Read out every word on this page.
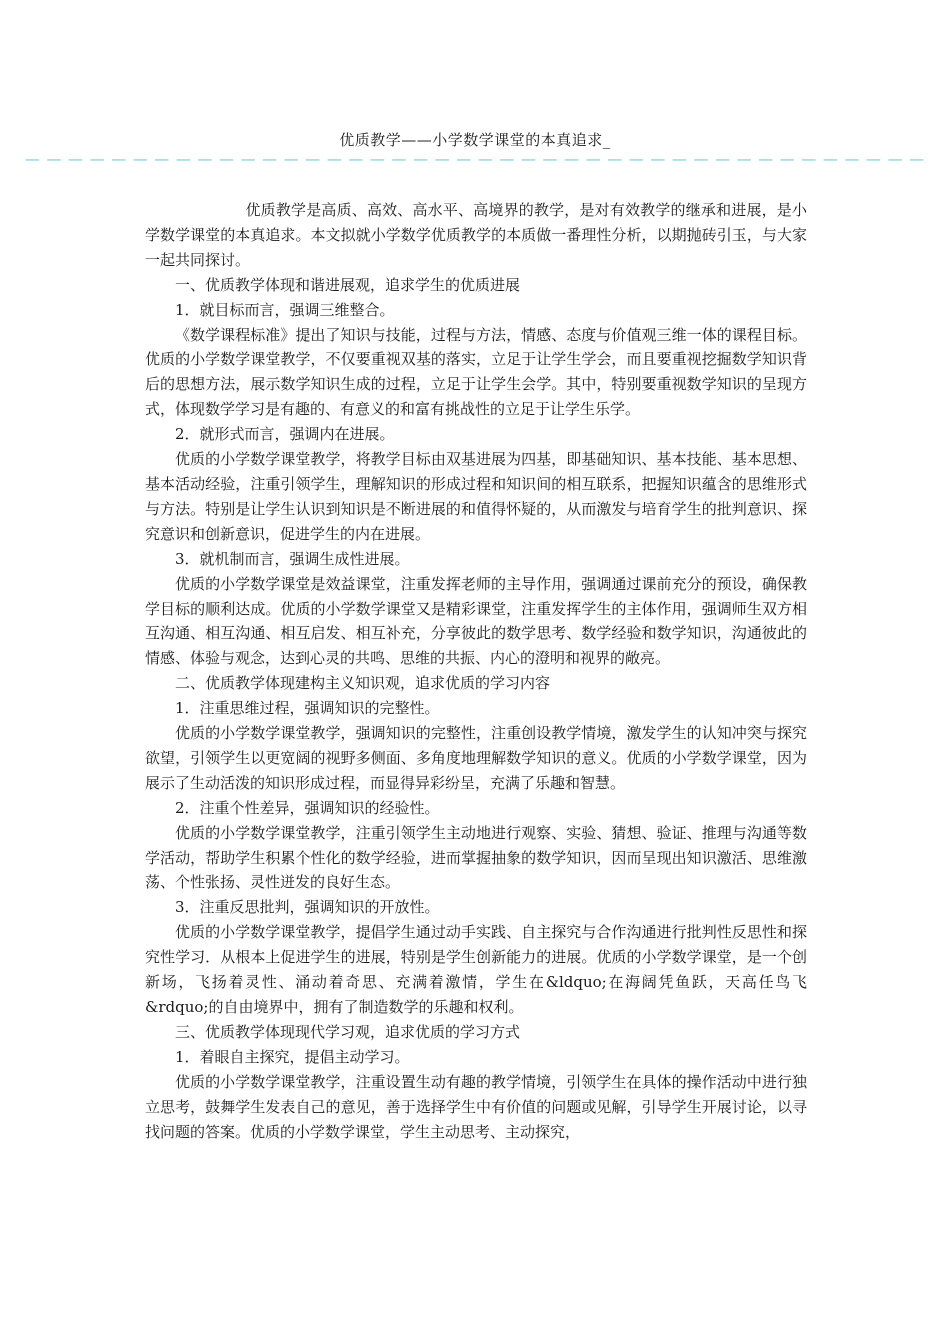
优质教学——小学数学课堂的本真追求_
— — — — — — — — — — — — — — — — — — — — — — — — — — — — — — — — — — — — — — — — — —

优质教学是高质、高效、高水平、高境界的教学，是对有效教学的继承和进展，是小学数学课堂的本真追求。本文拟就小学数学优质教学的本质做一番理性分析，以期抛砖引玉，与大家一起共同探讨。

一、优质教学体现和谐进展观，追求学生的优质进展

1．就目标而言，强调三维整合。

《数学课程标准》提出了知识与技能，过程与方法，情感、态度与价值观三维一体的课程目标。优质的小学数学课堂教学，不仅要重视双基的落实，立足于让学生学会，而且要重视挖掘数学知识背后的思想方法，展示数学知识生成的过程，立足于让学生会学。其中，特别要重视数学知识的呈现方式，体现数学学习是有趣的、有意义的和富有挑战性的立足于让学生乐学。

2．就形式而言，强调内在进展。

优质的小学数学课堂教学，将教学目标由双基进展为四基，即基础知识、基本技能、基本思想、基本活动经验，注重引领学生，理解知识的形成过程和知识间的相互联系，把握知识蕴含的思维形式与方法。特别是让学生认识到知识是不断进展的和值得怀疑的，从而激发与培育学生的批判意识、探究意识和创新意识，促进学生的内在进展。

3．就机制而言，强调生成性进展。

优质的小学数学课堂是效益课堂，注重发挥老师的主导作用，强调通过课前充分的预设，确保教学目标的顺利达成。优质的小学数学课堂又是精彩课堂，注重发挥学生的主体作用，强调师生双方相互沟通、相互沟通、相互启发、相互补充，分享彼此的数学思考、数学经验和数学知识，沟通彼此的情感、体验与观念，达到心灵的共鸣、思维的共振、内心的澄明和视界的敞亮。

二、优质教学体现建构主义知识观，追求优质的学习内容

1．注重思维过程，强调知识的完整性。

优质的小学数学课堂教学，强调知识的完整性，注重创设教学情境，激发学生的认知冲突与探究欲望，引领学生以更宽阔的视野多侧面、多角度地理解数学知识的意义。优质的小学数学课堂，因为展示了生动活泼的知识形成过程，而显得异彩纷呈，充满了乐趣和智慧。

2．注重个性差异，强调知识的经验性。

优质的小学数学课堂教学，注重引领学生主动地进行观察、实验、猜想、验证、推理与沟通等数学活动，帮助学生积累个性化的数学经验，进而掌握抽象的数学知识，因而呈现出知识激活、思维激荡、个性张扬、灵性迸发的良好生态。

3．注重反思批判，强调知识的开放性。

优质的小学数学课堂教学，提倡学生通过动手实践、自主探究与合作沟通进行批判性反思性和探究性学习．从根本上促进学生的进展，特别是学生创新能力的进展。优质的小学数学课堂，是一个创新场，飞扬着灵性、涌动着奇思、充满着激情，学生在&ldquo;在海阔凭鱼跃，天高任鸟飞&rdquo;的自由境界中，拥有了制造数学的乐趣和权利。

三、优质教学体现现代学习观，追求优质的学习方式

1．着眼自主探究，提倡主动学习。

优质的小学数学课堂教学，注重设置生动有趣的教学情境，引领学生在具体的操作活动中进行独立思考，鼓舞学生发表自己的意见，善于选择学生中有价值的问题或见解，引导学生开展讨论，以寻找问题的答案。优质的小学数学课堂，学生主动思考、主动探究，
